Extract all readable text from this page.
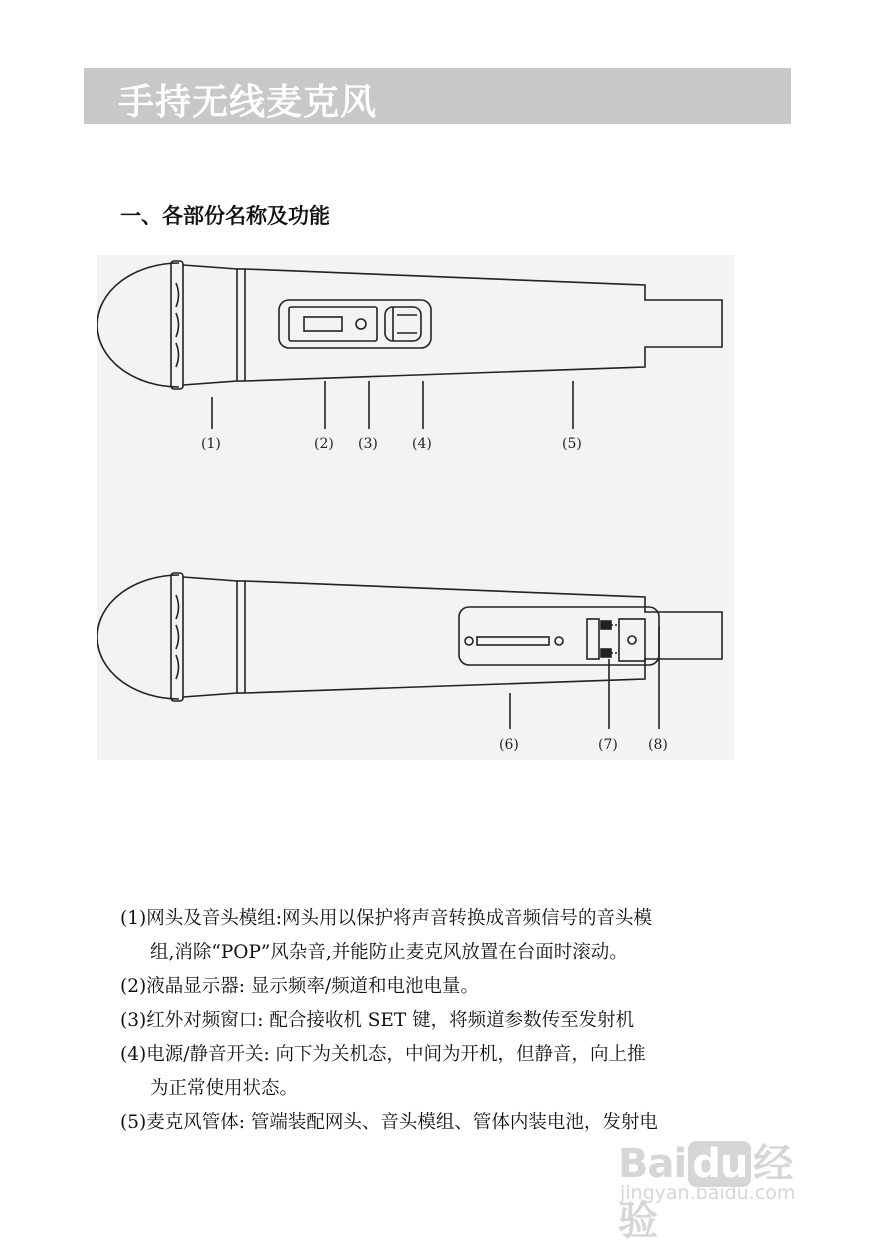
手持无线麦克风
一、各部份名称及功能
(1)	(2) (3) (4)	(5)
(6)	(7) (8)

(1)网头及音头模组:网头用以保护将声音转换成音频信号的音头模

组,消除“POP”风杂音,并能防止麦克风放置在台面时滚动。

(2)液晶显示器: 显示频率/频道和电池电量。

(3)红外对频窗口: 配合接收机 SET 键，将频道参数传至发射机

(4)电源/静音开关: 向下为关机态，中间为开机，但静音，向上推

为正常使用状态。

(5)麦克风管体: 管端装配网头、音头模组、管体内装电池，发射电

Bai du 经验
jingyan.baidu.com
